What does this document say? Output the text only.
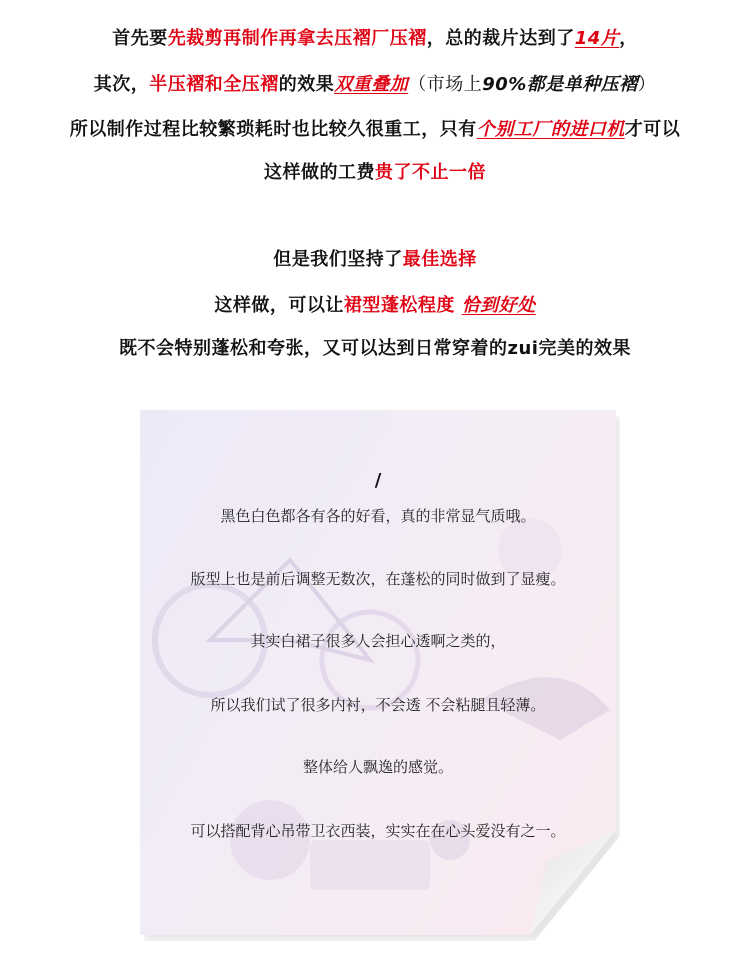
首先要先裁剪再制作再拿去压褶厂压褶，总的裁片达到了14片，
其次，半压褶和全压褶的效果双重叠加（市场上90%都是单种压褶）
所以制作过程比较繁琐耗时也比较久很重工，只有个别工厂的进口机才可以
这样做的工费贵了不止一倍
但是我们坚持了最佳选择
这样做，可以让裙型蓬松程度 恰到好处
既不会特别蓬松和夸张，又可以达到日常穿着的zui完美的效果
/
黑色白色都各有各的好看，真的非常显气质哦。
版型上也是前后调整无数次，在蓬松的同时做到了显瘦。
其实白裙子很多人会担心透啊之类的，
所以我们试了很多内衬，不会透 不会粘腿且轻薄。
整体给人飘逸的感觉。
可以搭配背心吊带卫衣西装，实实在在心头爱没有之一。
